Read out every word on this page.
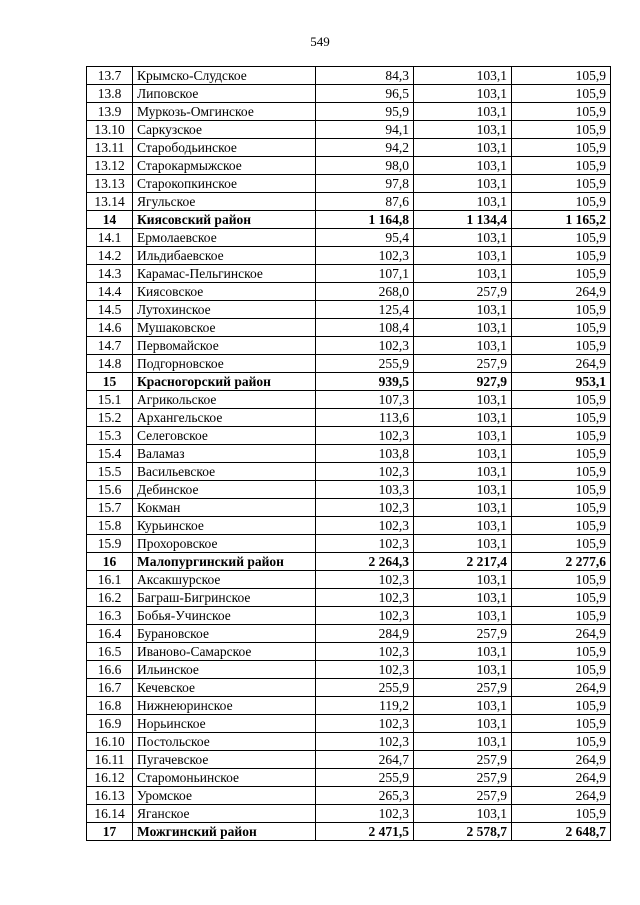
549
13.7	Крымско-Слудское	84,3	103,1	105,9
13.8	Липовское	96,5	103,1	105,9
13.9	Муркозь-Омгинское	95,9	103,1	105,9
13.10	Саркузское	94,1	103,1	105,9
13.11	Старободьинское	94,2	103,1	105,9
13.12	Старокармыжское	98,0	103,1	105,9
13.13	Старокопкинское	97,8	103,1	105,9
13.14	Ягульское	87,6	103,1	105,9
14	Киясовский район	1 164,8	1 134,4	1 165,2
14.1	Ермолаевское	95,4	103,1	105,9
14.2	Ильдибаевское	102,3	103,1	105,9
14.3	Карамас-Пельгинское	107,1	103,1	105,9
14.4	Киясовское	268,0	257,9	264,9
14.5	Лутохинское	125,4	103,1	105,9
14.6	Мушаковское	108,4	103,1	105,9
14.7	Первомайское	102,3	103,1	105,9
14.8	Подгорновское	255,9	257,9	264,9
15	Красногорский район	939,5	927,9	953,1
15.1	Агрикольское	107,3	103,1	105,9
15.2	Архангельское	113,6	103,1	105,9
15.3	Селеговское	102,3	103,1	105,9
15.4	Валамаз	103,8	103,1	105,9
15.5	Васильевское	102,3	103,1	105,9
15.6	Дебинское	103,3	103,1	105,9
15.7	Кокман	102,3	103,1	105,9
15.8	Курьинское	102,3	103,1	105,9
15.9	Прохоровское	102,3	103,1	105,9
16	Малопургинский район	2 264,3	2 217,4	2 277,6
16.1	Аксакшурское	102,3	103,1	105,9
16.2	Баграш-Бигринское	102,3	103,1	105,9
16.3	Бобья-Учинское	102,3	103,1	105,9
16.4	Бурановское	284,9	257,9	264,9
16.5	Иваново-Самарское	102,3	103,1	105,9
16.6	Ильинское	102,3	103,1	105,9
16.7	Кечевское	255,9	257,9	264,9
16.8	Нижнеюринское	119,2	103,1	105,9
16.9	Норьинское	102,3	103,1	105,9
16.10	Постольское	102,3	103,1	105,9
16.11	Пугачевское	264,7	257,9	264,9
16.12	Старомоньинское	255,9	257,9	264,9
16.13	Уромское	265,3	257,9	264,9
16.14	Яганское	102,3	103,1	105,9
17	Можгинский район	2 471,5	2 578,7	2 648,7
